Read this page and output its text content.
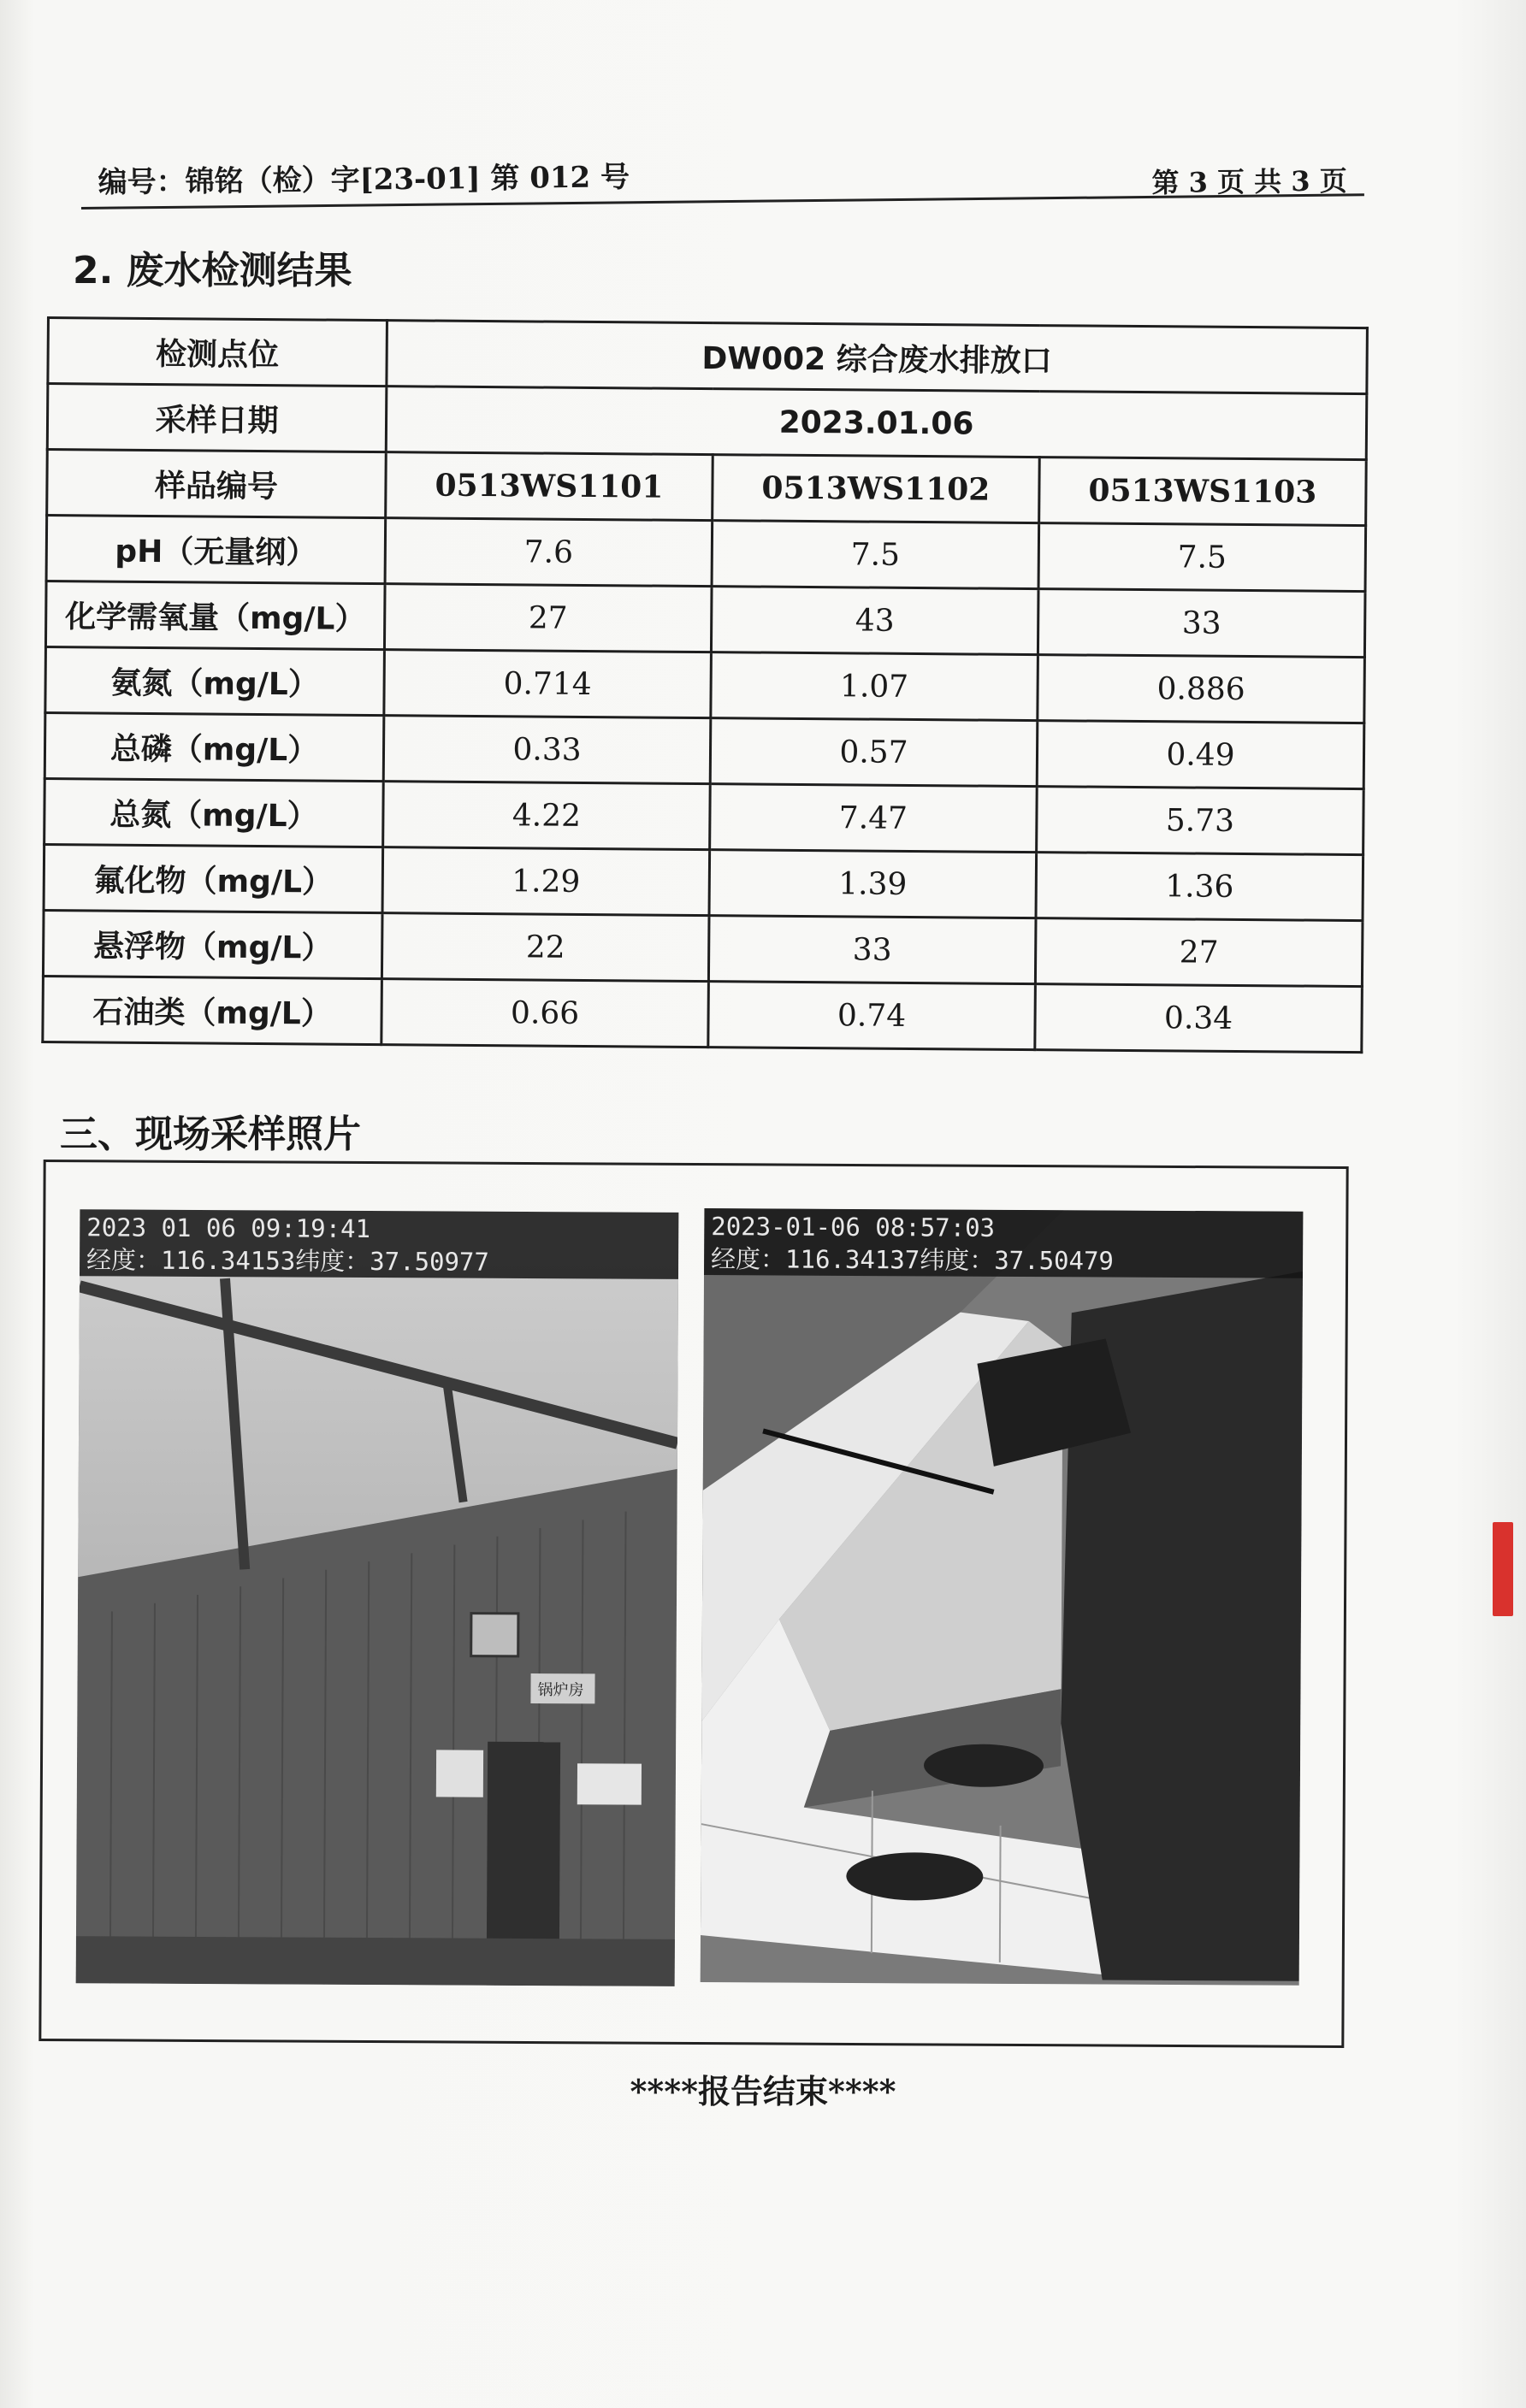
编号：锦铭（检）字[23-01] 第 012 号	第 3 页 共 3 页
2. 废水检测结果
检测点位	DW002 综合废水排放口		
采样日期	2023.01.06		
样品编号	0513WS1101	0513WS1102	0513WS1103
pH（无量纲）	7.6	7.5	7.5
化学需氧量（mg/L）	27	43	33
氨氮（mg/L）	0.714	1.07	0.886
总磷（mg/L）	0.33	0.57	0.49
总氮（mg/L）	4.22	7.47	5.73
氟化物（mg/L）	1.29	1.39	1.36
悬浮物（mg/L）	22	33	27
石油类（mg/L）	0.66	0.74	0.34
三、现场采样照片
锅炉房
2023 01 06 09:19:41
经度：116.34153纬度：37.50977
2023-01-06 08:57:03
经度：116.34137纬度：37.50479
****报告结束****
